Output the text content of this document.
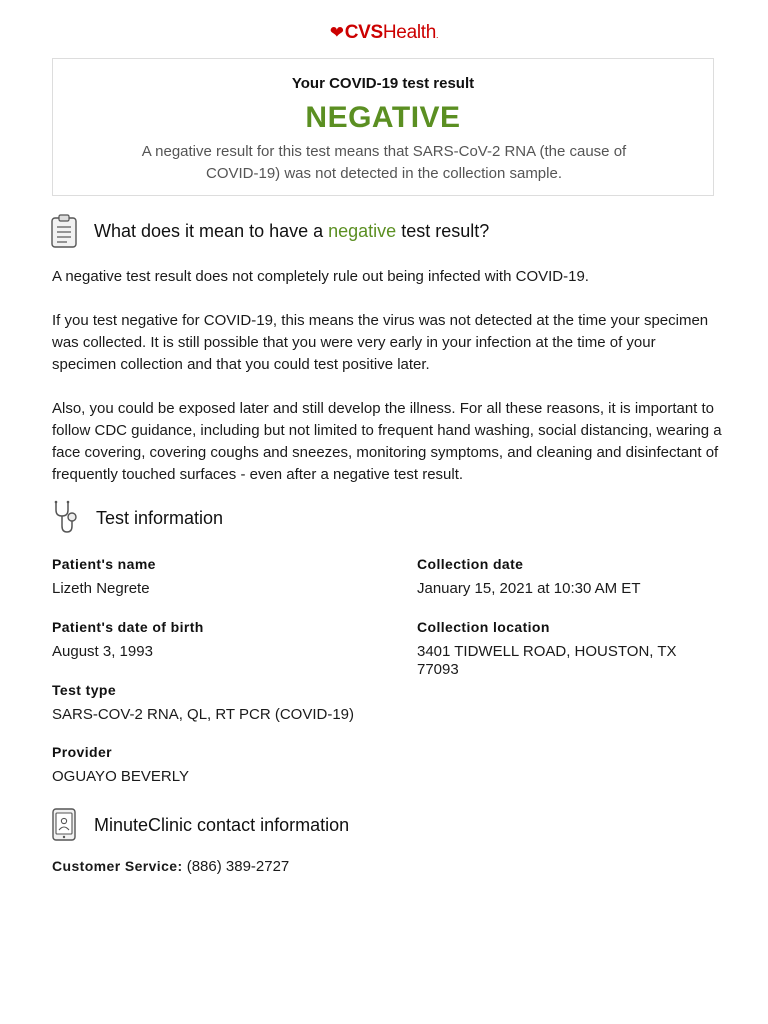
❤CVSHealth.
Your COVID-19 test result
NEGATIVE
A negative result for this test means that SARS-CoV-2 RNA (the cause of COVID-19) was not detected in the collection sample.
What does it mean to have a negative test result?

A negative test result does not completely rule out being infected with COVID-19.

If you test negative for COVID-19, this means the virus was not detected at the time your specimen was collected. It is still possible that you were very early in your infection at the time of your specimen collection and that you could test positive later.

Also, you could be exposed later and still develop the illness. For all these reasons, it is important to follow CDC guidance, including but not limited to frequent hand washing, social distancing, wearing a face covering, covering coughs and sneezes, monitoring symptoms, and cleaning and disinfectant of frequently touched surfaces - even after a negative test result.

Test information
Patient's name
Lizeth Negrete
Patient's date of birth
August 3, 1993
Test type
SARS-COV-2 RNA, QL, RT PCR (COVID-19)
Provider
OGUAYO BEVERLY
Collection date
January 15, 2021 at 10:30 AM ET
Collection location
3401 TIDWELL ROAD, HOUSTON, TX 77093
MinuteClinic contact information
Customer Service: (886) 389-2727
